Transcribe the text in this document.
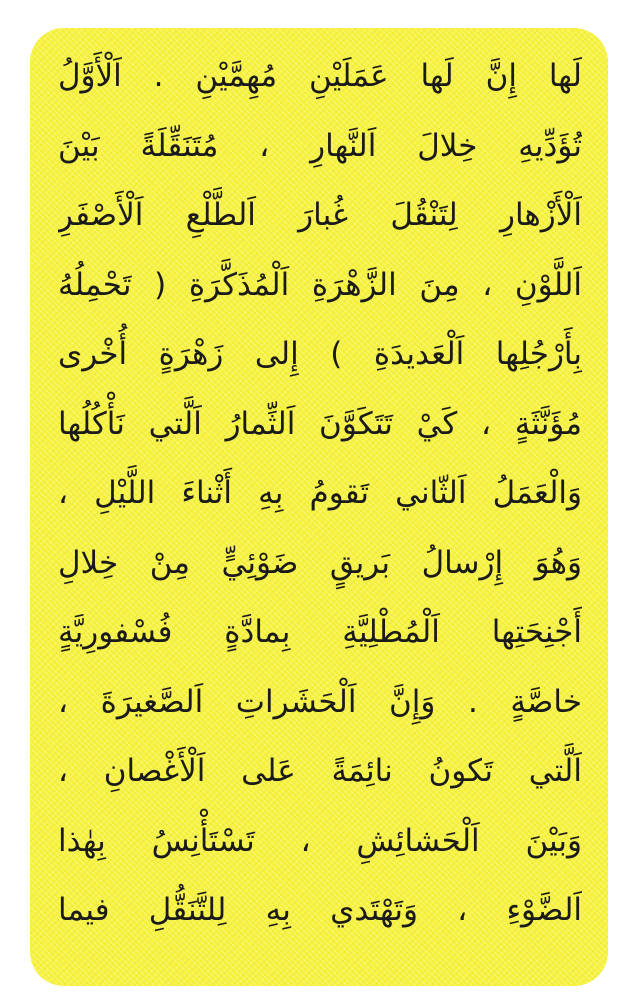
لَها إِنَّ لَها عَمَلَيْنِ مُهِمَّيْنِ . اَلْأَوَّلُ
تُؤَدِّيهِ خِلالَ اَلنَّهارِ ، مُتَنَقِّلَةً بَيْنَ
اَلْأَزْهارِ لِتَنْقُلَ غُبارَ اَلطَّلْعِ اَلْأَصْفَرِ
اَللَّوْنِ ، مِنَ الزَّهْرَةِ اَلْمُذَكَّرَةِ ( تَحْمِلُهُ
بِأَرْجُلِها اَلْعَديدَةِ ) إِلى زَهْرَةٍ أُخْرى
مُؤَنَّثَةٍ ، كَيْ تَتَكَوَّنَ اَلثِّمارُ اَلَّتي نَأْكُلُها
وَالْعَمَلُ اَلثّاني تَقومُ بِهِ أَثْناءَ اللَّيْلِ ،
وَهُوَ إِرْسالُ بَريقٍ ضَوْئِيٍّ مِنْ خِلالِ
أَجْنِحَتِها اَلْمُطْلِيَّةِ بِمادَّةٍ فُسْفورِيَّةٍ
خاصَّةٍ . وَإِنَّ اَلْحَشَراتِ اَلصَّغيرَةَ ،
اَلَّتي تَكونُ نائِمَةً عَلى اَلْأَغْصانِ ،
وَبَيْنَ اَلْحَشائِشِ ، تَسْتَأْنِسُ بِهٰذا
اَلضَّوْءِ ، وَتَهْتَدي بِهِ لِلتَّنَقُّلِ فيما
